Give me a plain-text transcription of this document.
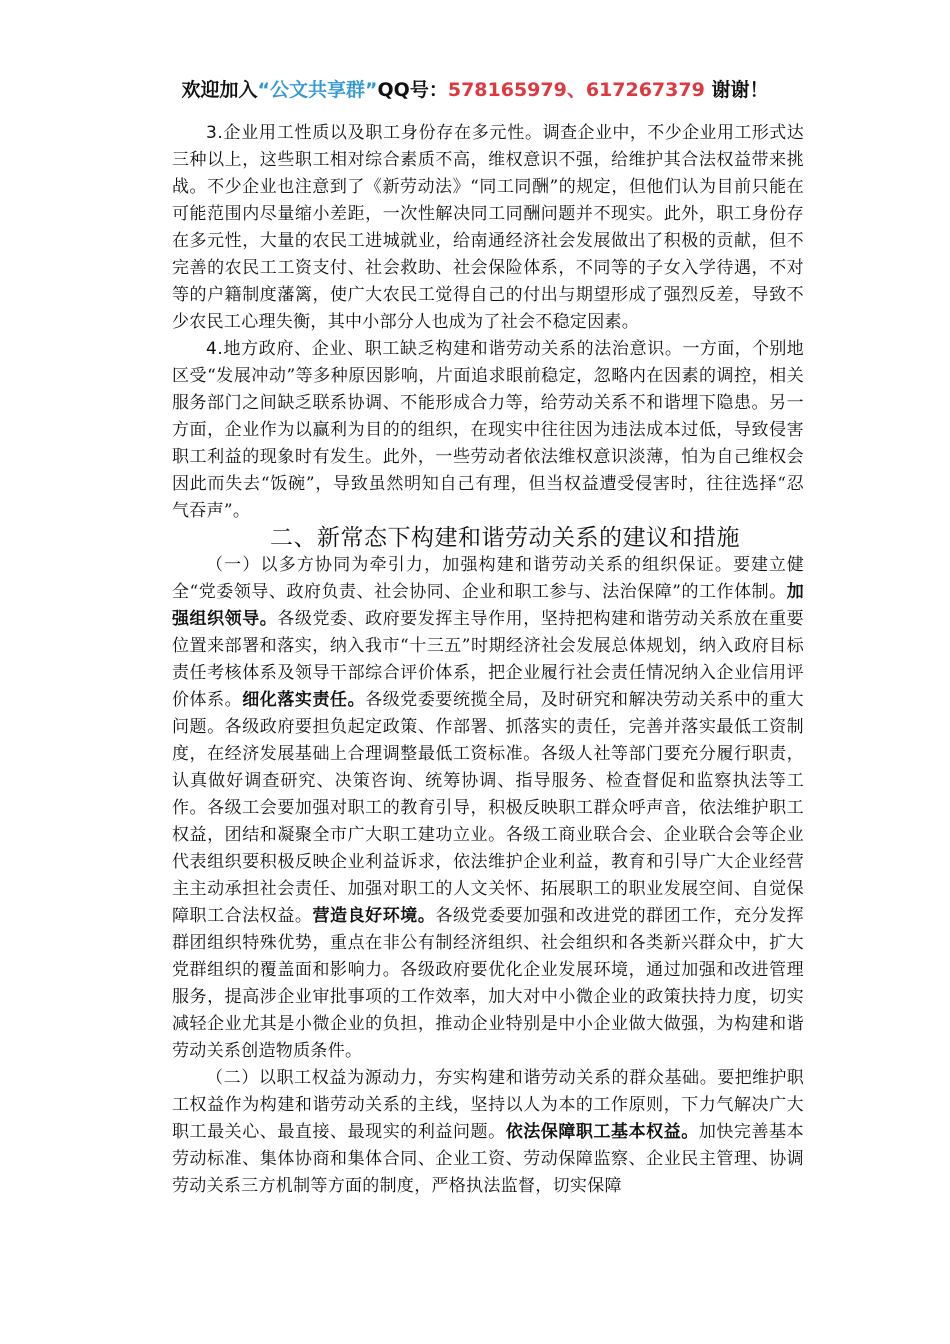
欢迎加入“公文共享群”QQ号：578165979、617267379 谢谢！

3.企业用工性质以及职工身份存在多元性。调查企业中，不少企业用工形式达三种以上，这些职工相对综合素质不高，维权意识不强，给维护其合法权益带来挑战。不少企业也注意到了《新劳动法》“同工同酬”的规定，但他们认为目前只能在可能范围内尽量缩小差距，一次性解决同工同酬问题并不现实。此外，职工身份存在多元性，大量的农民工进城就业，给南通经济社会发展做出了积极的贡献，但不完善的农民工工资支付、社会救助、社会保险体系，不同等的子女入学待遇，不对等的户籍制度藩篱，使广大农民工觉得自己的付出与期望形成了强烈反差，导致不少农民工心理失衡，其中小部分人也成为了社会不稳定因素。

4.地方政府、企业、职工缺乏构建和谐劳动关系的法治意识。一方面，个别地区受“发展冲动”等多种原因影响，片面追求眼前稳定，忽略内在因素的调控，相关服务部门之间缺乏联系协调、不能形成合力等，给劳动关系不和谐埋下隐患。另一方面，企业作为以赢利为目的的组织，在现实中往往因为违法成本过低，导致侵害职工利益的现象时有发生。此外，一些劳动者依法维权意识淡薄，怕为自己维权会因此而失去“饭碗”，导致虽然明知自己有理，但当权益遭受侵害时，往往选择“忍气吞声”。

二、新常态下构建和谐劳动关系的建议和措施

（一）以多方协同为牵引力，加强构建和谐劳动关系的组织保证。要建立健全“党委领导、政府负责、社会协同、企业和职工参与、法治保障”的工作体制。加强组织领导。各级党委、政府要发挥主导作用，坚持把构建和谐劳动关系放在重要位置来部署和落实，纳入我市“十三五”时期经济社会发展总体规划，纳入政府目标责任考核体系及领导干部综合评价体系，把企业履行社会责任情况纳入企业信用评价体系。细化落实责任。各级党委要统揽全局，及时研究和解决劳动关系中的重大问题。各级政府要担负起定政策、作部署、抓落实的责任，完善并落实最低工资制度，在经济发展基础上合理调整最低工资标准。各级人社等部门要充分履行职责，认真做好调查研究、决策咨询、统筹协调、指导服务、检查督促和监察执法等工作。各级工会要加强对职工的教育引导，积极反映职工群众呼声音，依法维护职工权益，团结和凝聚全市广大职工建功立业。各级工商业联合会、企业联合会等企业代表组织要积极反映企业利益诉求，依法维护企业利益，教育和引导广大企业经营主主动承担社会责任、加强对职工的人文关怀、拓展职工的职业发展空间、自觉保障职工合法权益。营造良好环境。各级党委要加强和改进党的群团工作，充分发挥群团组织特殊优势，重点在非公有制经济组织、社会组织和各类新兴群众中，扩大党群组织的覆盖面和影响力。各级政府要优化企业发展环境，通过加强和改进管理服务，提高涉企业审批事项的工作效率，加大对中小微企业的政策扶持力度，切实减轻企业尤其是小微企业的负担，推动企业特别是中小企业做大做强，为构建和谐劳动关系创造物质条件。

（二）以职工权益为源动力，夯实构建和谐劳动关系的群众基础。要把维护职工权益作为构建和谐劳动关系的主线，坚持以人为本的工作原则，下力气解决广大职工最关心、最直接、最现实的利益问题。依法保障职工基本权益。加快完善基本劳动标准、集体协商和集体合同、企业工资、劳动保障监察、企业民主管理、协调劳动关系三方机制等方面的制度，严格执法监督，切实保障
